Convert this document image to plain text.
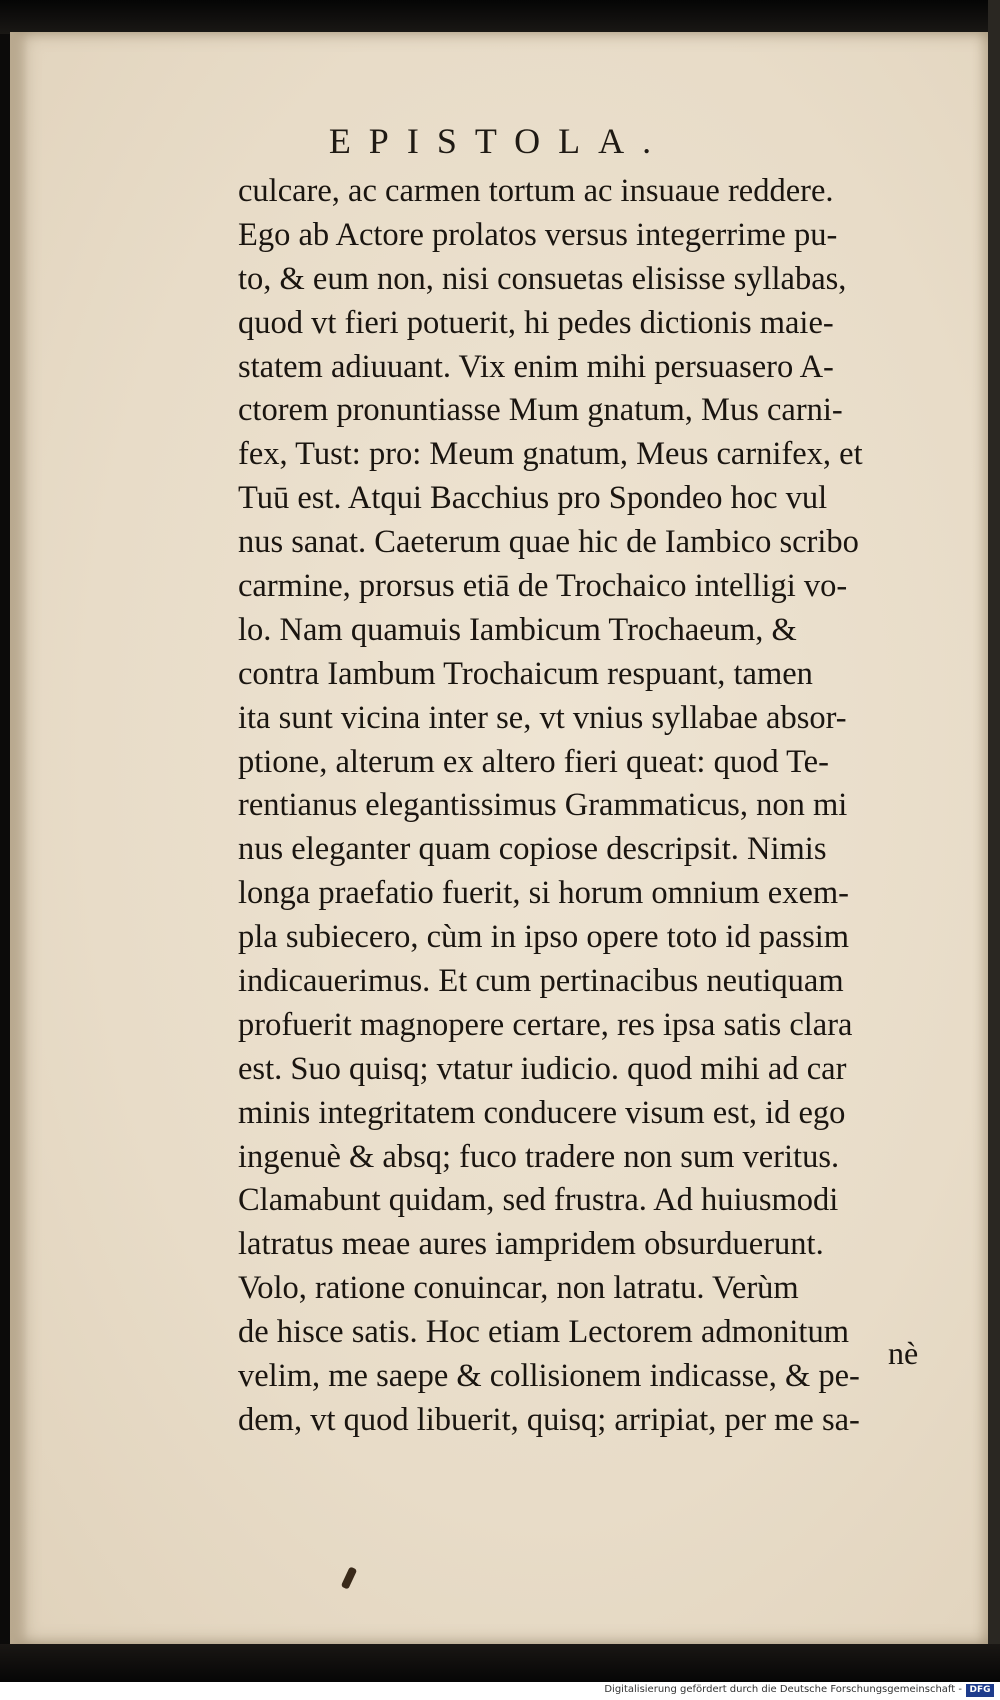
EPISTOLA.
culcare, ac carmen tortum ac insuaue reddere.
Ego ab Actore prolatos versus integerrime pu-
to, & eum non, nisi consuetas elisisse syllabas,
quod vt fieri potuerit, hi pedes dictionis maie-
statem adiuuant. Vix enim mihi persuasero A-
ctorem pronuntiasse Mum gnatum, Mus carni-
fex, Tust: pro: Meum gnatum, Meus carnifex, et
Tuū est. Atqui Bacchius pro Spondeo hoc vul
nus sanat. Caeterum quae hic de Iambico scribo
carmine, prorsus etiā de Trochaico intelligi vo-
lo. Nam quamuis Iambicum Trochaeum, &
contra Iambum Trochaicum respuant, tamen
ita sunt vicina inter se, vt vnius syllabae absor-
ptione, alterum ex altero fieri queat: quod Te-
rentianus elegantissimus Grammaticus, non mi
nus eleganter quam copiose descripsit. Nimis
longa praefatio fuerit, si horum omnium exem-
pla subiecero, cùm in ipso opere toto id passim
indicauerimus. Et cum pertinacibus neutiquam
profuerit magnopere certare, res ipsa satis clara
est. Suo quisq; vtatur iudicio. quod mihi ad car
minis integritatem conducere visum est, id ego
ingenuè & absq; fuco tradere non sum veritus.
Clamabunt quidam, sed frustra. Ad huiusmodi
latratus meae aures iampridem obsurduerunt.
Volo, ratione conuincar, non latratu. Verùm
de hisce satis. Hoc etiam Lectorem admonitum
velim, me saepe & collisionem indicasse, & pe-
dem, vt quod libuerit, quisq; arripiat, per me sa-
nè
Digitalisierung gefördert durch die Deutsche Forschungsgemeinschaft - DFG
